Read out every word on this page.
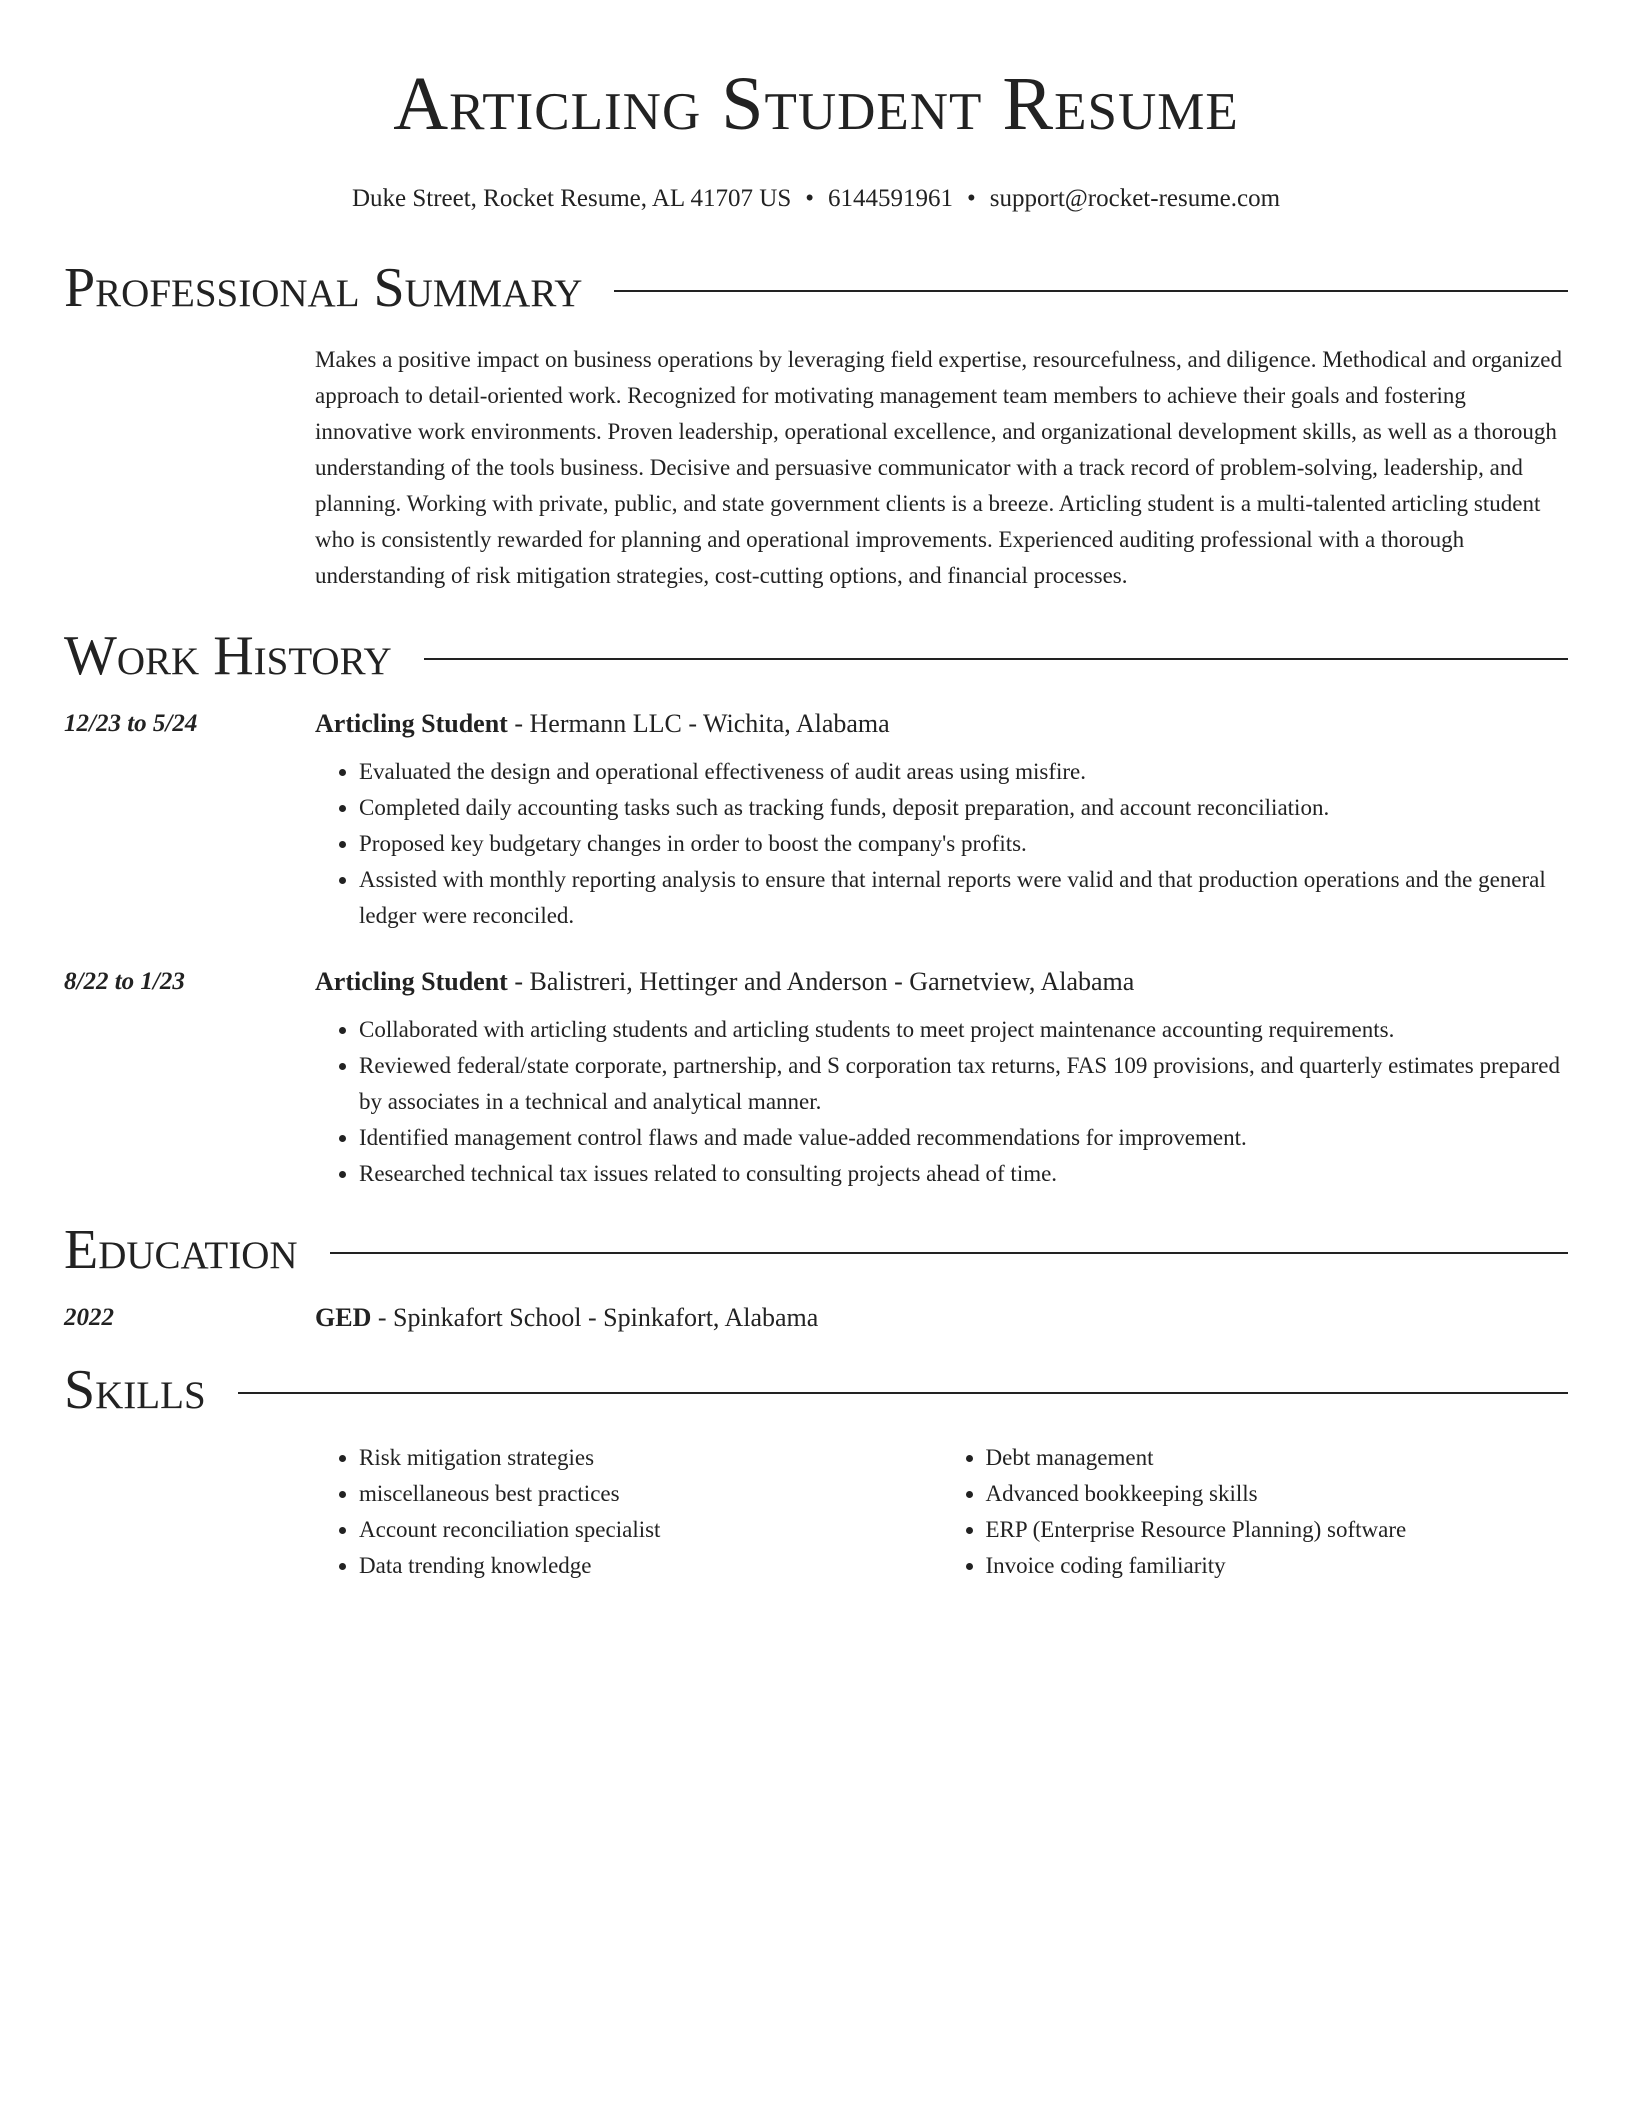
Articling Student Resume
Duke Street, Rocket Resume, AL 41707 US • 6144591961 • support@rocket-resume.com
Professional Summary
Makes a positive impact on business operations by leveraging field expertise, resourcefulness, and diligence. Methodical and organized approach to detail-oriented work. Recognized for motivating management team members to achieve their goals and fostering innovative work environments. Proven leadership, operational excellence, and organizational development skills, as well as a thorough understanding of the tools business. Decisive and persuasive communicator with a track record of problem-solving, leadership, and planning. Working with private, public, and state government clients is a breeze. Articling student is a multi-talented articling student who is consistently rewarded for planning and operational improvements. Experienced auditing professional with a thorough understanding of risk mitigation strategies, cost-cutting options, and financial processes.
Work History
12/23 to 5/24	Articling Student - Hermann LLC - Wichita, Alabama
• Evaluated the design and operational effectiveness of audit areas using misfire.
• Completed daily accounting tasks such as tracking funds, deposit preparation, and account reconciliation.
• Proposed key budgetary changes in order to boost the company's profits.
• Assisted with monthly reporting analysis to ensure that internal reports were valid and that production operations and the general ledger were reconciled.
8/22 to 1/23	Articling Student - Balistreri, Hettinger and Anderson - Garnetview, Alabama
• Collaborated with articling students and articling students to meet project maintenance accounting requirements.
• Reviewed federal/state corporate, partnership, and S corporation tax returns, FAS 109 provisions, and quarterly estimates prepared by associates in a technical and analytical manner.
• Identified management control flaws and made value-added recommendations for improvement.
• Researched technical tax issues related to consulting projects ahead of time.
Education
2022	GED - Spinkafort School - Spinkafort, Alabama
Skills
• Risk mitigation strategies
• miscellaneous best practices
• Account reconciliation specialist
• Data trending knowledge
• Debt management
• Advanced bookkeeping skills
• ERP (Enterprise Resource Planning) software
• Invoice coding familiarity
